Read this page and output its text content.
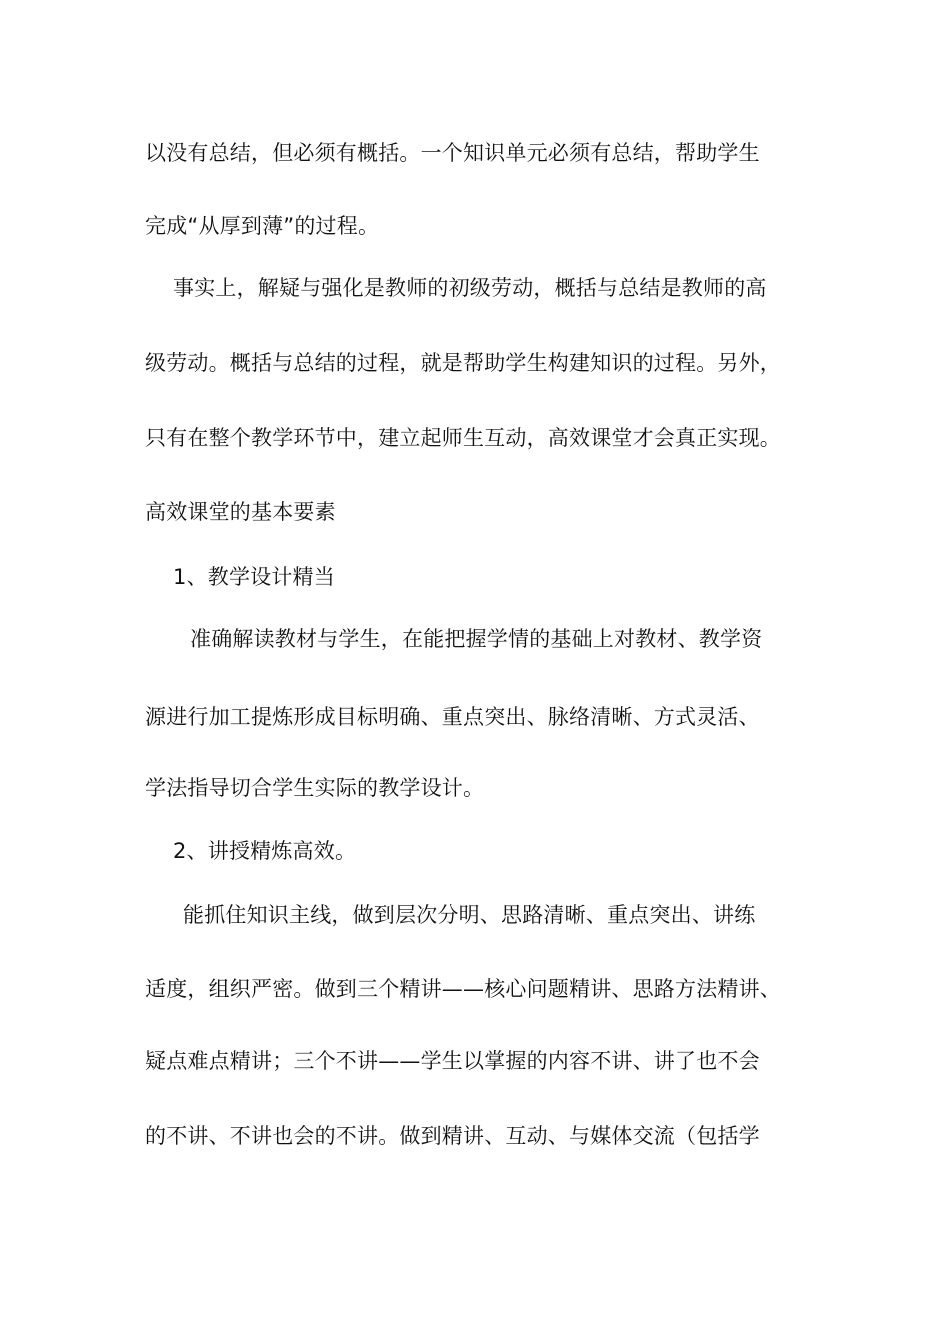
以没有总结，但必须有概括。一个知识单元必须有总结，帮助学生
完成“从厚到薄”的过程。
事实上，解疑与强化是教师的初级劳动，概括与总结是教师的高
级劳动。概括与总结的过程，就是帮助学生构建知识的过程。另外，
只有在整个教学环节中，建立起师生互动，高效课堂才会真正实现。
高效课堂的基本要素
1、教学设计精当
准确解读教材与学生，在能把握学情的基础上对教材、教学资
源进行加工提炼形成目标明确、重点突出、脉络清晰、方式灵活、
学法指导切合学生实际的教学设计。
2、讲授精炼高效。
能抓住知识主线，做到层次分明、思路清晰、重点突出、讲练
适度，组织严密。做到三个精讲——核心问题精讲、思路方法精讲、
疑点难点精讲；三个不讲——学生以掌握的内容不讲、讲了也不会
的不讲、不讲也会的不讲。做到精讲、互动、与媒体交流（包括学
